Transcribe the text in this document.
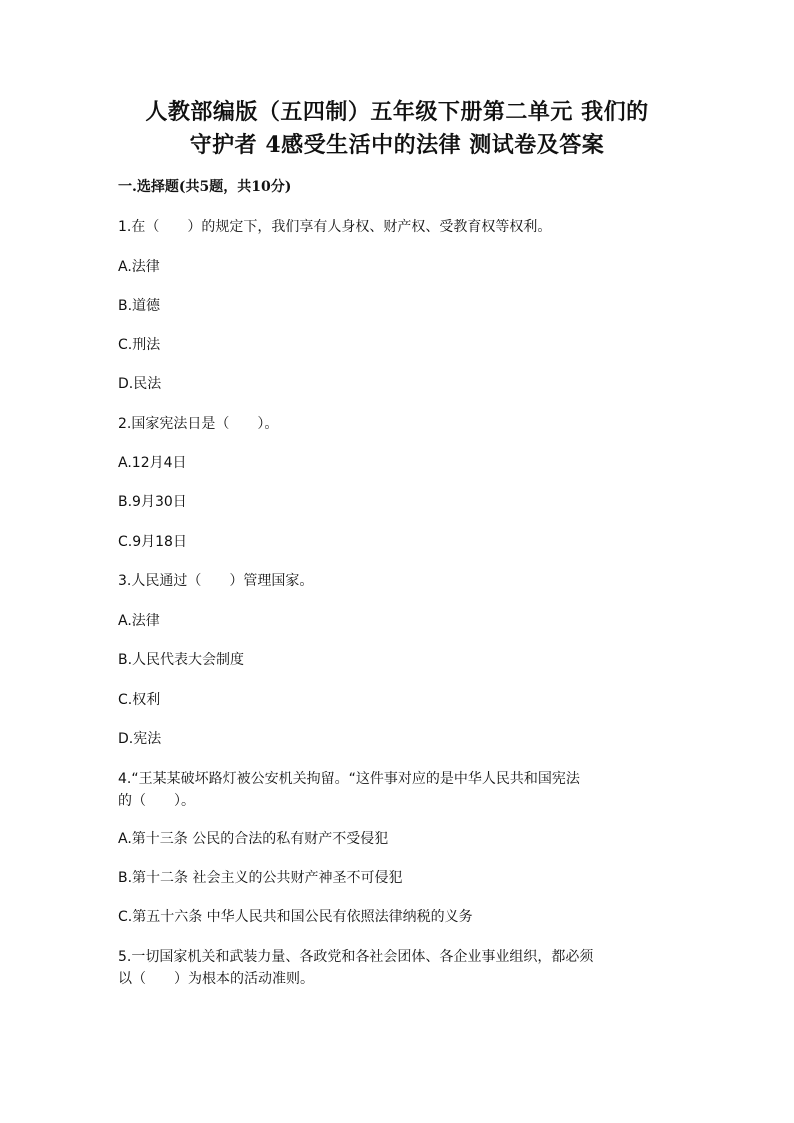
人教部编版（五四制）五年级下册第二单元 我们的
守护者 4感受生活中的法律 测试卷及答案
一.选择题(共5题，共10分)
1.在（　　）的规定下，我们享有人身权、财产权、受教育权等权利。
A.法律
B.道德
C.刑法
D.民法
2.国家宪法日是（　　）。
A.12月4日
B.9月30日
C.9月18日
3.人民通过（　　）管理国家。
A.法律
B.人民代表大会制度
C.权利
D.宪法
4.“王某某破坏路灯被公安机关拘留。“这件事对应的是中华人民共和国宪法
的（　　）。
A.第十三条 公民的合法的私有财产不受侵犯
B.第十二条 社会主义的公共财产神圣不可侵犯
C.第五十六条 中华人民共和国公民有依照法律纳税的义务
5.一切国家机关和武装力量、各政党和各社会团体、各企业事业组织，都必须
以（　　）为根本的活动准则。
